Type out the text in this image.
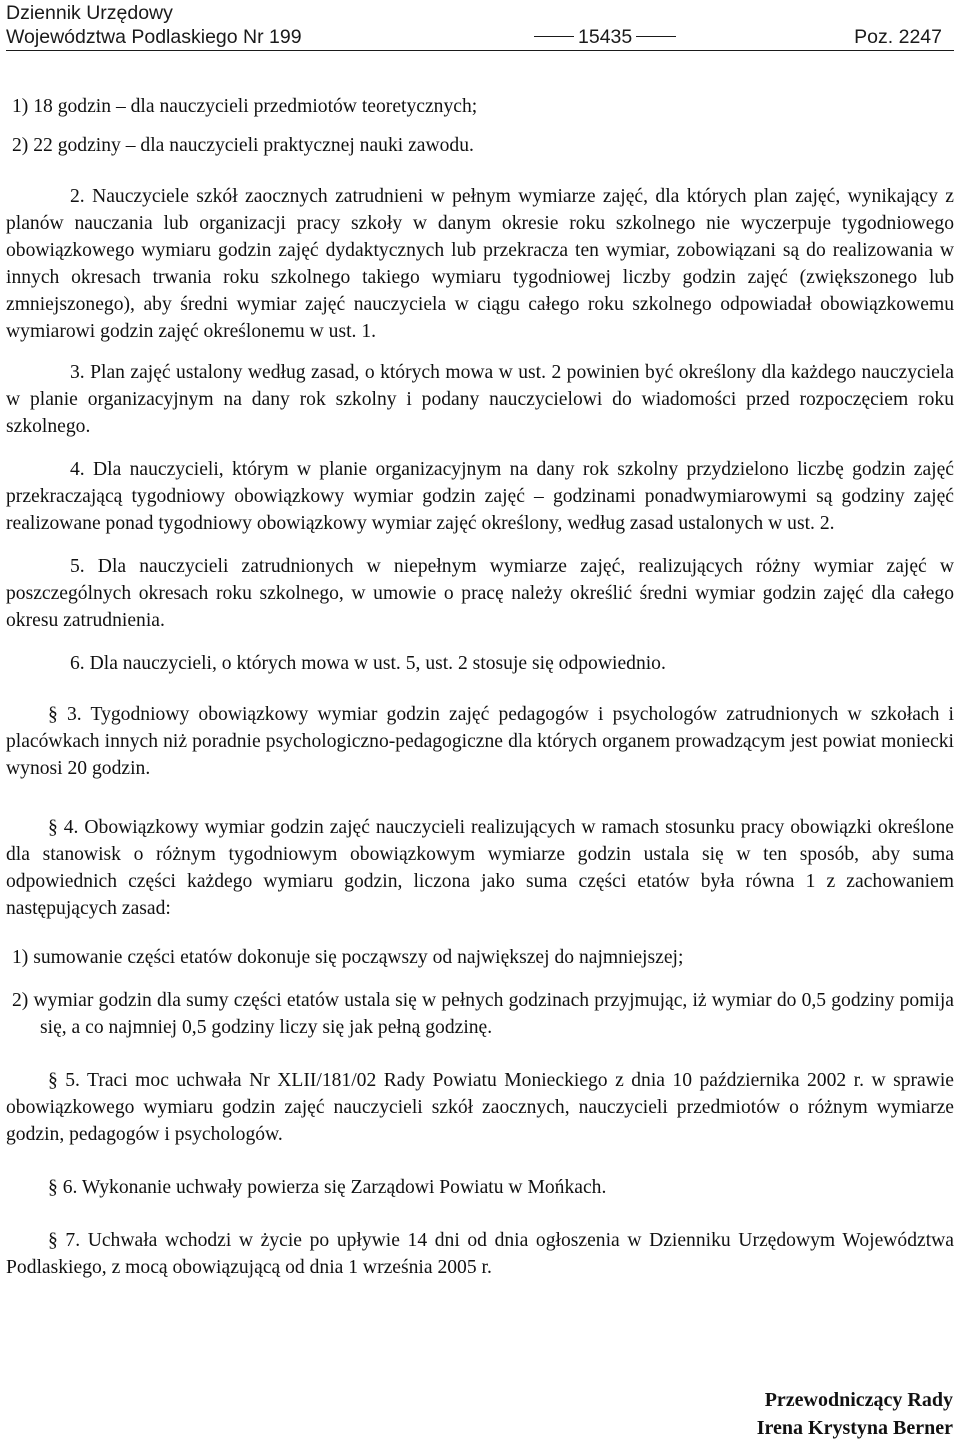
Dziennik Urzędowy
Województwa Podlaskiego Nr 199	15435	Poz. 2247

1) 18 godzin – dla nauczycieli przedmiotów teoretycznych;

2) 22 godziny – dla nauczycieli praktycznej nauki zawodu.

2. Nauczyciele szkół zaocznych zatrudnieni w pełnym wymiarze zajęć, dla których plan zajęć, wynikający z planów nauczania lub organizacji pracy szkoły w danym okresie roku szkolnego nie wyczerpuje tygodniowego obowiązkowego wymiaru godzin zajęć dydaktycznych lub przekracza ten wymiar, zobowiązani są do realizowania w innych okresach trwania roku szkolnego takiego wymiaru tygodniowej liczby godzin zajęć (zwiększonego lub zmniejszonego), aby średni wymiar zajęć nauczyciela w ciągu całego roku szkolnego odpowiadał obowiązkowemu wymiarowi godzin zajęć określonemu w ust. 1.

3. Plan zajęć ustalony według zasad, o których mowa w ust. 2 powinien być określony dla każdego nauczyciela w planie organizacyjnym na dany rok szkolny i podany nauczycielowi do wiadomości przed rozpoczęciem roku szkolnego.

4. Dla nauczycieli, którym w planie organizacyjnym na dany rok szkolny przydzielono liczbę godzin zajęć przekraczającą tygodniowy obowiązkowy wymiar godzin zajęć – godzinami ponadwymiarowymi są godziny zajęć realizowane ponad tygodniowy obowiązkowy wymiar zajęć określony, według zasad ustalonych w ust. 2.

5. Dla nauczycieli zatrudnionych w niepełnym wymiarze zajęć, realizujących różny wymiar zajęć w poszczególnych okresach roku szkolnego, w umowie o pracę należy określić średni wymiar godzin zajęć dla całego okresu zatrudnienia.

6. Dla nauczycieli, o których mowa w ust. 5, ust. 2 stosuje się odpowiednio.

§ 3. Tygodniowy obowiązkowy wymiar godzin zajęć pedagogów i psychologów zatrudnionych w szkołach i placówkach innych niż poradnie psychologiczno-pedagogiczne dla których organem prowadzącym jest powiat moniecki wynosi 20 godzin.

§ 4. Obowiązkowy wymiar godzin zajęć nauczycieli realizujących w ramach stosunku pracy obowiązki określone dla stanowisk o różnym tygodniowym obowiązkowym wymiarze godzin ustala się w ten sposób, aby suma odpowiednich części każdego wymiaru godzin, liczona jako suma części etatów była równa 1 z zachowaniem następujących zasad:

1) sumowanie części etatów dokonuje się począwszy od największej do najmniejszej;

2) wymiar godzin dla sumy części etatów ustala się w pełnych godzinach przyjmując, iż wymiar do 0,5 godziny pomija się, a co najmniej 0,5 godziny liczy się jak pełną godzinę.

§ 5. Traci moc uchwała Nr XLII/181/02 Rady Powiatu Monieckiego z dnia 10 października 2002 r. w sprawie obowiązkowego wymiaru godzin zajęć nauczycieli szkół zaocznych, nauczycieli przedmiotów o różnym wymiarze godzin, pedagogów i psychologów.

§ 6. Wykonanie uchwały powierza się Zarządowi Powiatu w Mońkach.

§ 7. Uchwała wchodzi w życie po upływie 14 dni od dnia ogłoszenia w Dzienniku Urzędowym Województwa Podlaskiego, z mocą obowiązującą od dnia 1 września 2005 r.

Przewodniczący Rady
Irena Krystyna Berner
